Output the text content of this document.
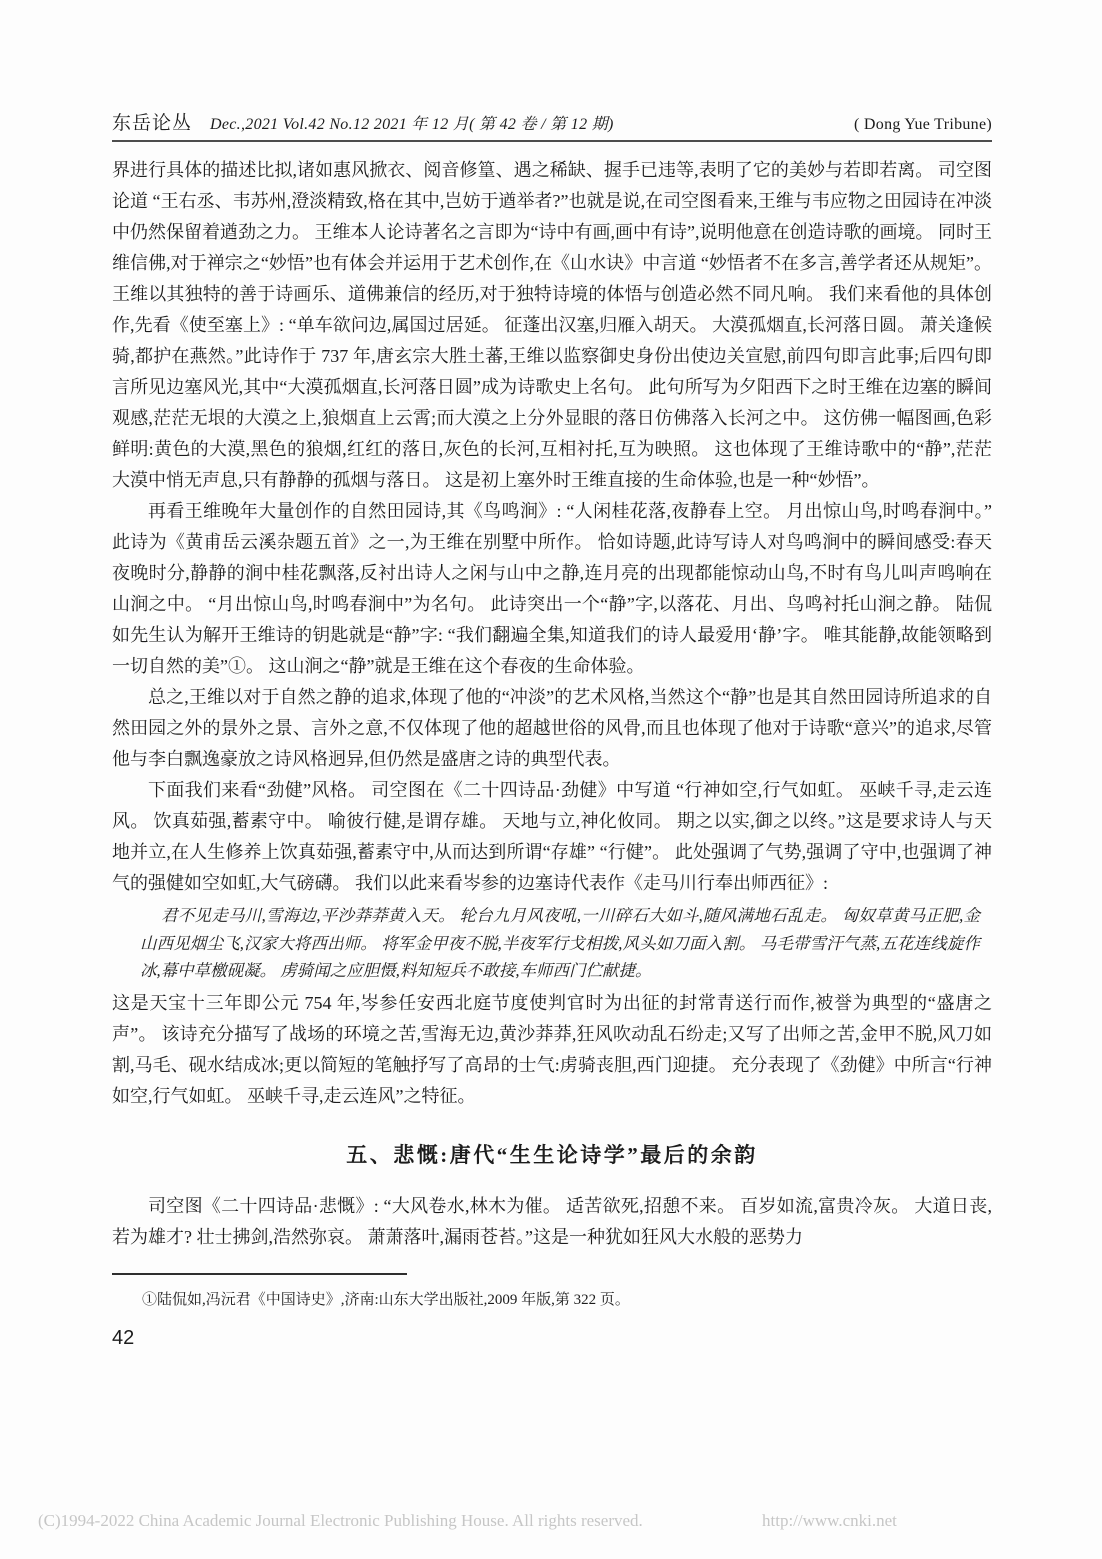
东岳论丛 Dec.,2021 Vol.42 No.12 2021 年 12 月( 第 42 卷 / 第 12 期)	( Dong Yue Tribune)

界进行具体的描述比拟,诸如惠风掀衣、阅音修篁、遇之稀缺、握手已违等,表明了它的美妙与若即若离。 司空图论道 “王右丞、韦苏州,澄淡精致,格在其中,岂妨于遒举者?”也就是说,在司空图看来,王维与韦应物之田园诗在冲淡中仍然保留着遒劲之力。 王维本人论诗著名之言即为“诗中有画,画中有诗”,说明他意在创造诗歌的画境。 同时王维信佛,对于禅宗之“妙悟”也有体会并运用于艺术创作,在《山水诀》中言道 “妙悟者不在多言,善学者还从规矩”。 王维以其独特的善于诗画乐、道佛兼信的经历,对于独特诗境的体悟与创造必然不同凡响。 我们来看他的具体创作,先看《使至塞上》: “单车欲问边,属国过居延。 征蓬出汉塞,归雁入胡天。 大漠孤烟直,长河落日圆。 萧关逢候骑,都护在燕然。”此诗作于 737 年,唐玄宗大胜土蕃,王维以监察御史身份出使边关宣慰,前四句即言此事;后四句即言所见边塞风光,其中“大漠孤烟直,长河落日圆”成为诗歌史上名句。 此句所写为夕阳西下之时王维在边塞的瞬间观感,茫茫无垠的大漠之上,狼烟直上云霄;而大漠之上分外显眼的落日仿佛落入长河之中。 这仿佛一幅图画,色彩鲜明:黄色的大漠,黑色的狼烟,红红的落日,灰色的长河,互相衬托,互为映照。 这也体现了王维诗歌中的“静”,茫茫大漠中悄无声息,只有静静的孤烟与落日。 这是初上塞外时王维直接的生命体验,也是一种“妙悟”。

再看王维晚年大量创作的自然田园诗,其《鸟鸣涧》: “人闲桂花落,夜静春上空。 月出惊山鸟,时鸣春涧中。”此诗为《黄甫岳云溪杂题五首》之一,为王维在别墅中所作。 恰如诗题,此诗写诗人对鸟鸣涧中的瞬间感受:春天夜晚时分,静静的涧中桂花飘落,反衬出诗人之闲与山中之静,连月亮的出现都能惊动山鸟,不时有鸟儿叫声鸣响在山涧之中。 “月出惊山鸟,时鸣春涧中”为名句。 此诗突出一个“静”字,以落花、月出、鸟鸣衬托山涧之静。 陆侃如先生认为解开王维诗的钥匙就是“静”字: “我们翻遍全集,知道我们的诗人最爱用‘静’字。 唯其能静,故能领略到一切自然的美”①。 这山涧之“静”就是王维在这个春夜的生命体验。

总之,王维以对于自然之静的追求,体现了他的“冲淡”的艺术风格,当然这个“静”也是其自然田园诗所追求的自然田园之外的景外之景、言外之意,不仅体现了他的超越世俗的风骨,而且也体现了他对于诗歌“意兴”的追求,尽管他与李白飘逸豪放之诗风格迥异,但仍然是盛唐之诗的典型代表。

下面我们来看“劲健”风格。 司空图在《二十四诗品·劲健》中写道 “行神如空,行气如虹。 巫峡千寻,走云连风。 饮真茹强,蓄素守中。 喻彼行健,是谓存雄。 天地与立,神化攸同。 期之以实,御之以终。”这是要求诗人与天地并立,在人生修养上饮真茹强,蓄素守中,从而达到所谓“存雄” “行健”。 此处强调了气势,强调了守中,也强调了神气的强健如空如虹,大气磅礴。 我们以此来看岑参的边塞诗代表作《走马川行奉出师西征》:

君不见走马川,雪海边,平沙莽莽黄入天。 轮台九月风夜吼,一川碎石大如斗,随风满地石乱走。 匈奴草黄马正肥,金山西见烟尘飞,汉家大将西出师。 将军金甲夜不脱,半夜军行戈相拨,风头如刀面入割。 马毛带雪汗气蒸,五花连线旋作冰,幕中草檄砚凝。 虏骑闻之应胆慑,料知短兵不敢接,车师西门伫献捷。

这是天宝十三年即公元 754 年,岑参任安西北庭节度使判官时为出征的封常青送行而作,被誉为典型的“盛唐之声”。 该诗充分描写了战场的环境之苦,雪海无边,黄沙莽莽,狂风吹动乱石纷走;又写了出师之苦,金甲不脱,风刀如割,马毛、砚水结成冰;更以简短的笔触抒写了高昂的士气:虏骑丧胆,西门迎捷。 充分表现了《劲健》中所言“行神如空,行气如虹。 巫峡千寻,走云连风”之特征。

五、悲慨:唐代“生生论诗学”最后的余韵

司空图《二十四诗品·悲慨》: “大风卷水,林木为催。 适苦欲死,招憩不来。 百岁如流,富贵冷灰。 大道日丧,若为雄才? 壮士拂剑,浩然弥哀。 萧萧落叶,漏雨苍苔。”这是一种犹如狂风大水般的恶势力

①陆侃如,冯沅君《中国诗史》,济南:山东大学出版社,2009 年版,第 322 页。

42
(C)1994-2022 China Academic Journal Electronic Publishing House. All rights reserved.	http://www.cnki.net
